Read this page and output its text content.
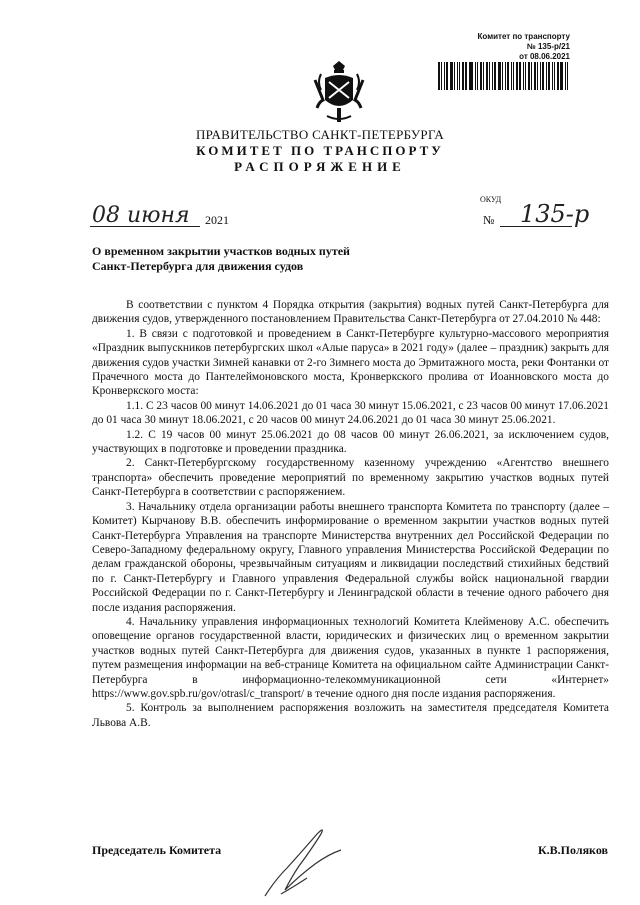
Комитет по транспорту
№ 135-р/21
от 08.06.2021
ПРАВИТЕЛЬСТВО САНКТ-ПЕТЕРБУРГА
КОМИТЕТ ПО ТРАНСПОРТУ
РАСПОРЯЖЕНИЕ
ОКУД
08 июня 2021	№ 135-р
О временном закрытии участков водных путей Санкт-Петербурга для движения судов

В соответствии с пунктом 4 Порядка открытия (закрытия) водных путей Санкт-Петербурга для движения судов, утвержденного постановлением Правительства Санкт-Петербурга от 27.04.2010 № 448:

1. В связи с подготовкой и проведением в Санкт-Петербурге культурно-массового мероприятия «Праздник выпускников петербургских школ «Алые паруса» в 2021 году» (далее – праздник) закрыть для движения судов участки Зимней канавки от 2-го Зимнего моста до Эрмитажного моста, реки Фонтанки от Прачечного моста до Пантелеймоновского моста, Кронверкского пролива от Иоанновского моста до Кронверкского моста:

1.1. С 23 часов 00 минут 14.06.2021 до 01 часа 30 минут 15.06.2021, с 23 часов 00 минут 17.06.2021 до 01 часа 30 минут 18.06.2021, с 20 часов 00 минут 24.06.2021 до 01 часа 30 минут 25.06.2021.

1.2. С 19 часов 00 минут 25.06.2021 до 08 часов 00 минут 26.06.2021, за исключением судов, участвующих в подготовке и проведении праздника.

2. Санкт-Петербургскому государственному казенному учреждению «Агентство внешнего транспорта» обеспечить проведение мероприятий по временному закрытию участков водных путей Санкт-Петербурга в соответствии с распоряжением.

3. Начальнику отдела организации работы внешнего транспорта Комитета по транспорту (далее – Комитет) Кырчанову В.В. обеспечить информирование о временном закрытии участков водных путей Санкт-Петербурга Управления на транспорте Министерства внутренних дел Российской Федерации по Северо-Западному федеральному округу, Главного управления Министерства Российской Федерации по делам гражданской обороны, чрезвычайным ситуациям и ликвидации последствий стихийных бедствий по г. Санкт-Петербургу и Главного управления Федеральной службы войск национальной гвардии Российской Федерации по г. Санкт-Петербургу и Ленинградской области в течение одного рабочего дня после издания распоряжения.

4. Начальнику управления информационных технологий Комитета Клейменову А.С. обеспечить оповещение органов государственной власти, юридических и физических лиц о временном закрытии участков водных путей Санкт-Петербурга для движения судов, указанных в пункте 1 распоряжения, путем размещения информации на веб-странице Комитета на официальном сайте Администрации Санкт-Петербурга в информационно-телекоммуникационной сети «Интернет» https://www.gov.spb.ru/gov/otrasl/c_transport/ в течение одного дня после издания распоряжения.

5. Контроль за выполнением распоряжения возложить на заместителя председателя Комитета Львова А.В.

Председатель Комитета	К.В.Поляков
